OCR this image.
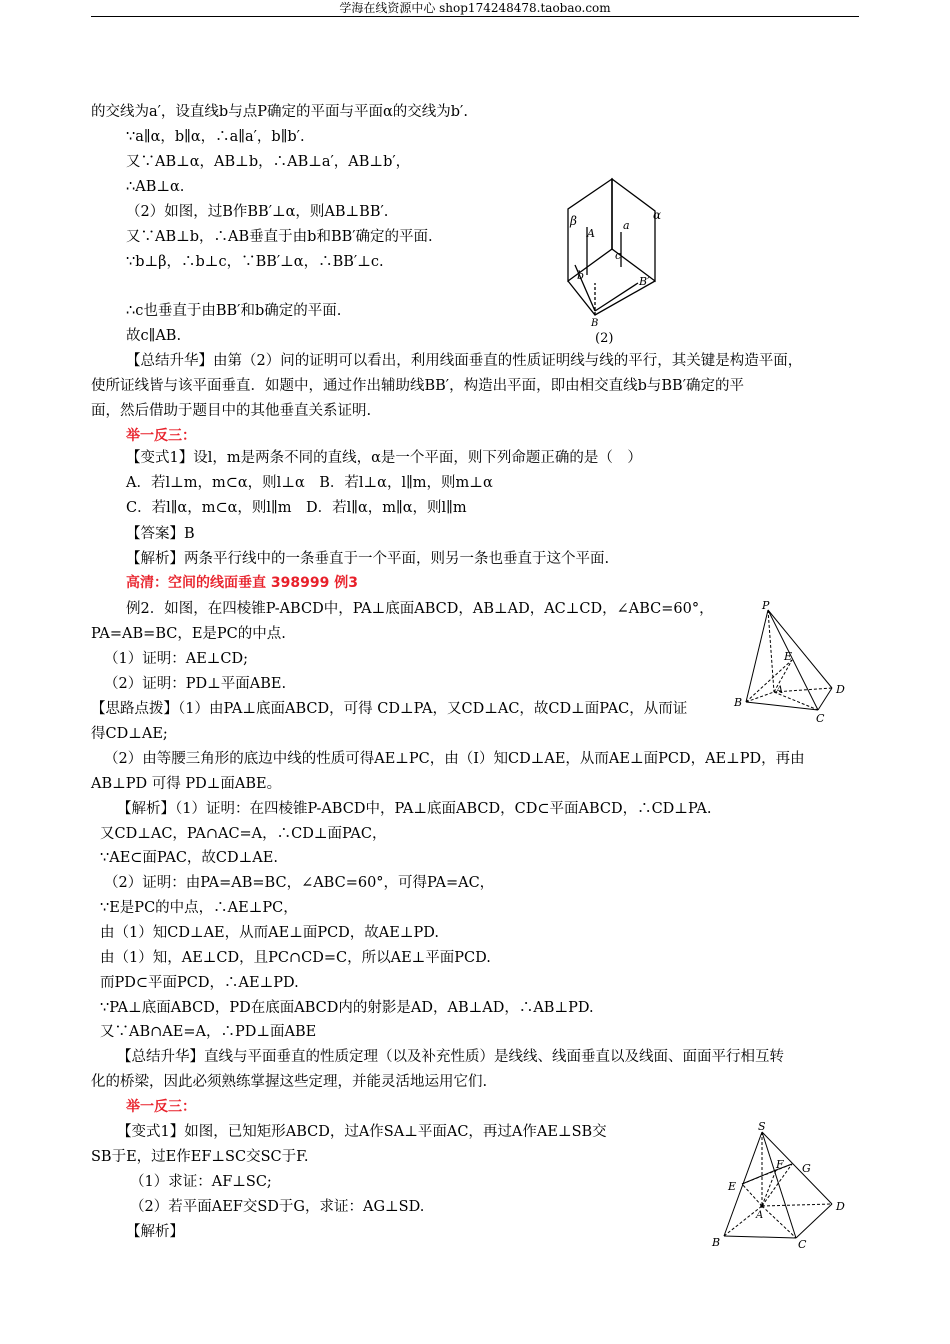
学海在线资源中心 shop174248478.taobao.com
的交线为a′，设直线b与点P确定的平面与平面α的交线为b′.
∵a∥α，b∥α，∴a∥a′，b∥b′.
又∵AB⊥α，AB⊥b，∴AB⊥a′，AB⊥b′，
∴AB⊥α.
（2）如图，过B作BB′⊥α，则AB⊥BB′.
又∵AB⊥b，∴AB垂直于由b和BB′确定的平面.
∵b⊥β，∴b⊥c，∵BB′⊥α，∴BB′⊥c.
∴c也垂直于由BB′和b确定的平面.
故c∥AB.
【总结升华】由第（2）问的证明可以看出，利用线面垂直的性质证明线与线的平行，其关键是构造平面，
使所证线皆与该平面垂直．如题中，通过作出辅助线BB′，构造出平面，即由相交直线b与BB′确定的平
面，然后借助于题目中的其他垂直关系证明.
举一反三：
【变式1】设l，m是两条不同的直线，α是一个平面，则下列命题正确的是（　）
A．若l⊥m，m⊂α，则l⊥α　B．若l⊥α，l∥m，则m⊥α
C．若l∥α，m⊂α，则l∥m　D．若l∥α，m∥α，则l∥m
【答案】B
【解析】两条平行线中的一条垂直于一个平面，则另一条也垂直于这个平面.
高清：空间的线面垂直 398999 例3
例2．如图，在四棱锥P-ABCD中，PA⊥底面ABCD，AB⊥AD，AC⊥CD，∠ABC=60°，
PA=AB=BC，E是PC的中点.
（1）证明：AE⊥CD;
（2）证明：PD⊥平面ABE.
【思路点拨】（1）由PA⊥底面ABCD，可得 CD⊥PA，又CD⊥AC，故CD⊥面PAC，从而证
得CD⊥AE;
（2）由等腰三角形的底边中线的性质可得AE⊥PC，由（Ⅰ）知CD⊥AE，从而AE⊥面PCD，AE⊥PD，再由
AB⊥PD 可得 PD⊥面ABE。
【解析】（1）证明：在四棱锥P-ABCD中，PA⊥底面ABCD，CD⊂平面ABCD，∴CD⊥PA.
又CD⊥AC，PA∩AC=A，∴CD⊥面PAC，
∵AE⊂面PAC，故CD⊥AE.
（2）证明：由PA=AB=BC，∠ABC=60°，可得PA=AC，
∵E是PC的中点，∴AE⊥PC，
由（1）知CD⊥AE，从而AE⊥面PCD，故AE⊥PD.
由（1）知，AE⊥CD，且PC∩CD=C，所以AE⊥平面PCD.
而PD⊂平面PCD，∴AE⊥PD.
∵PA⊥底面ABCD，PD在底面ABCD内的射影是AD，AB⊥AD，∴AB⊥PD.
又∵AB∩AE=A，∴PD⊥面ABE
【总结升华】直线与平面垂直的性质定理（以及补充性质）是线线、线面垂直以及线面、面面平行相互转
化的桥梁，因此必须熟练掌握这些定理，并能灵活地运用它们.
举一反三：
【变式1】如图，已知矩形ABCD，过A作SA⊥平面AC，再过A作AE⊥SB交
SB于E，过E作EF⊥SC交SC于F.
（1）求证：AF⊥SC;
（2）若平面AEF交SD于G，求证：AG⊥SD.
【解析】
β	α
A
a
c
b	B′
B
(2)
P
E
A	D
B
C
S
F G
E
A
D
B	C
